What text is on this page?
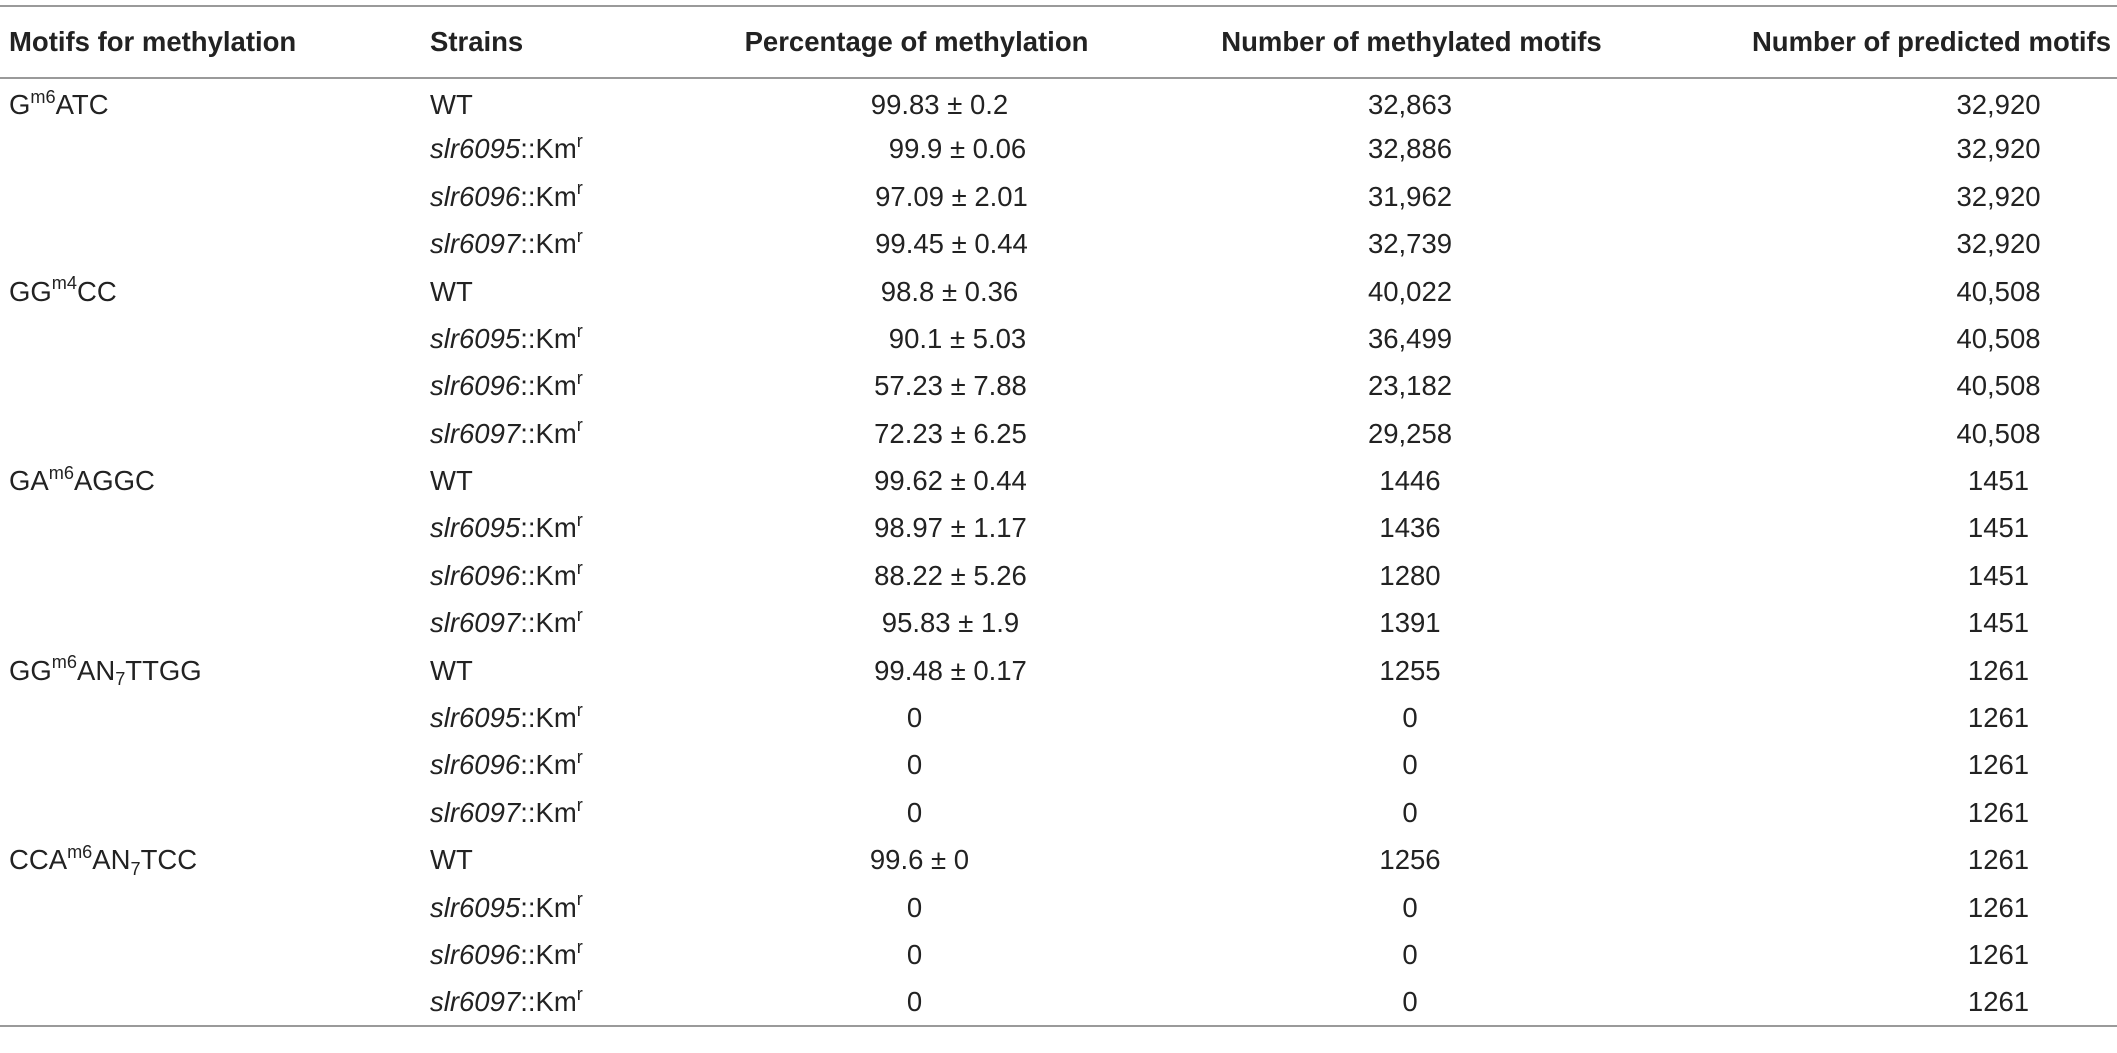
Motifs for methylation	Strains	Percentage of methylation	Number of methylated motifs	Number of predicted motifs
$G^{m6}ATC$	WT	99.83 ± 0.2	32,863	32,920
	slr6095::Km$^r$	99.9 ± 0.06	32,886	32,920
	slr6096::Km$^r$	97.09 ± 2.01	31,962	32,920
	slr6097::Km$^r$	99.45 ± 0.44	32,739	32,920
$GG^{m4}CC$	WT	98.8 ± 0.36	40,022	40,508
	slr6095::Km$^r$	90.1 ± 5.03	36,499	40,508
	slr6096::Km$^r$	57.23 ± 7.88	23,182	40,508
	slr6097::Km$^r$	72.23 ± 6.25	29,258	40,508
$GA^{m6}AGGC$	WT	99.62 ± 0.44	1446	1451
	slr6095::Km$^r$	98.97 ± 1.17	1436	1451
	slr6096::Km$^r$	88.22 ± 5.26	1280	1451
	slr6097::Km$^r$	95.83 ± 1.9	1391	1451
$GG^{m6}AN_7TTGG$	WT	99.48 ± 0.17	1255	1261
	slr6095::Km$^r$	0	0	1261
	slr6096::Km$^r$	0	0	1261
	slr6097::Km$^r$	0	0	1261
$CCA^{m6}AN_7TCC$	WT	99.6 ± 0	1256	1261
	slr6095::Km$^r$	0	0	1261
	slr6096::Km$^r$	0	0	1261
	slr6097::Km$^r$	0	0	1261
